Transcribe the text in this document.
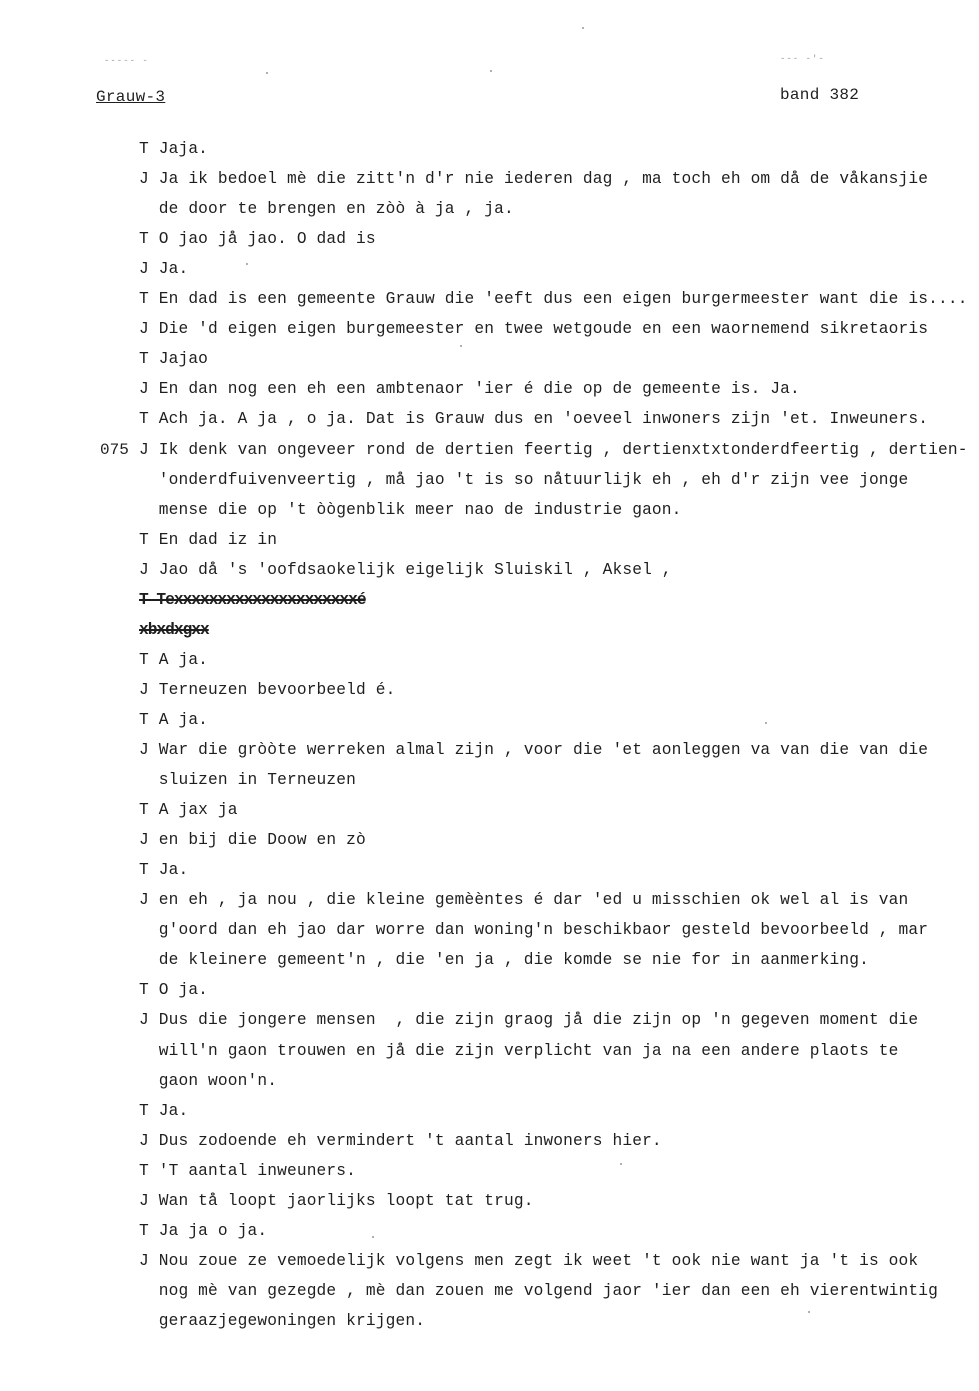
----- -	--- -'-
Grauw-3	band 382
075
T Jaja.
J Ja ik bedoel mè die zitt'n d'r nie iederen dag , ma toch eh om då de våkansjie
de door te brengen en zòò à ja , ja.
T O jao jå jao. O dad is
J Ja.
T En dad is een gemeente Grauw die 'eeft dus een eigen burgermeester want die is....
J Die 'd eigen eigen burgemeester en twee wetgoude en een waornemend sikretaoris
T Jajao
J En dan nog een eh een ambtenaor 'ier é die op de gemeente is. Ja.
T Ach ja. A ja , o ja. Dat is Grauw dus en 'oeveel inwoners zijn 'et. Inweuners.
J Ik denk van ongeveer rond de dertien feertig , dertienxtxtonderdfeertig , dertien-
'onderdfuivenveertig , må jao 't is so nåtuurlijk eh , eh d'r zijn vee jonge
mense die op 't òògenblik meer nao de industrie gaon.
T En dad iz in
J Jao då 's 'oofdsaokelijk eigelijk Sluiskil , Aksel ,
T Texxxxxxxxxxxxxxxxxxxxxé
xbxdxgxx
T A ja.
J Terneuzen bevoorbeeld é.
T A ja.
J War die gròòte werreken almal zijn , voor die 'et aonleggen va van die van die
sluizen in Terneuzen
T A jax ja
J en bij die Doow en zò
T Ja.
J en eh , ja nou , die kleine gemèèntes é dar 'ed u misschien ok wel al is van
g'oord dan eh jao dar worre dan woning'n beschikbaor gesteld bevoorbeeld , mar
de kleinere gemeent'n , die 'en ja , die komde se nie for in aanmerking.
T O ja.
J Dus die jongere mensen  , die zijn graog jå die zijn op 'n gegeven moment die
will'n gaon trouwen en jå die zijn verplicht van ja na een andere plaots te
gaon woon'n.
T Ja.
J Dus zodoende eh vermindert 't aantal inwoners hier.
T 'T aantal inweuners.
J Wan tå loopt jaorlijks loopt tat trug.
T Ja ja o ja.
J Nou zoue ze vemoedelijk volgens men zegt ik weet 't ook nie want ja 't is ook
nog mè van gezegde , mè dan zouen me volgend jaor 'ier dan een eh vierentwintig
geraazjegewoningen krijgen.
